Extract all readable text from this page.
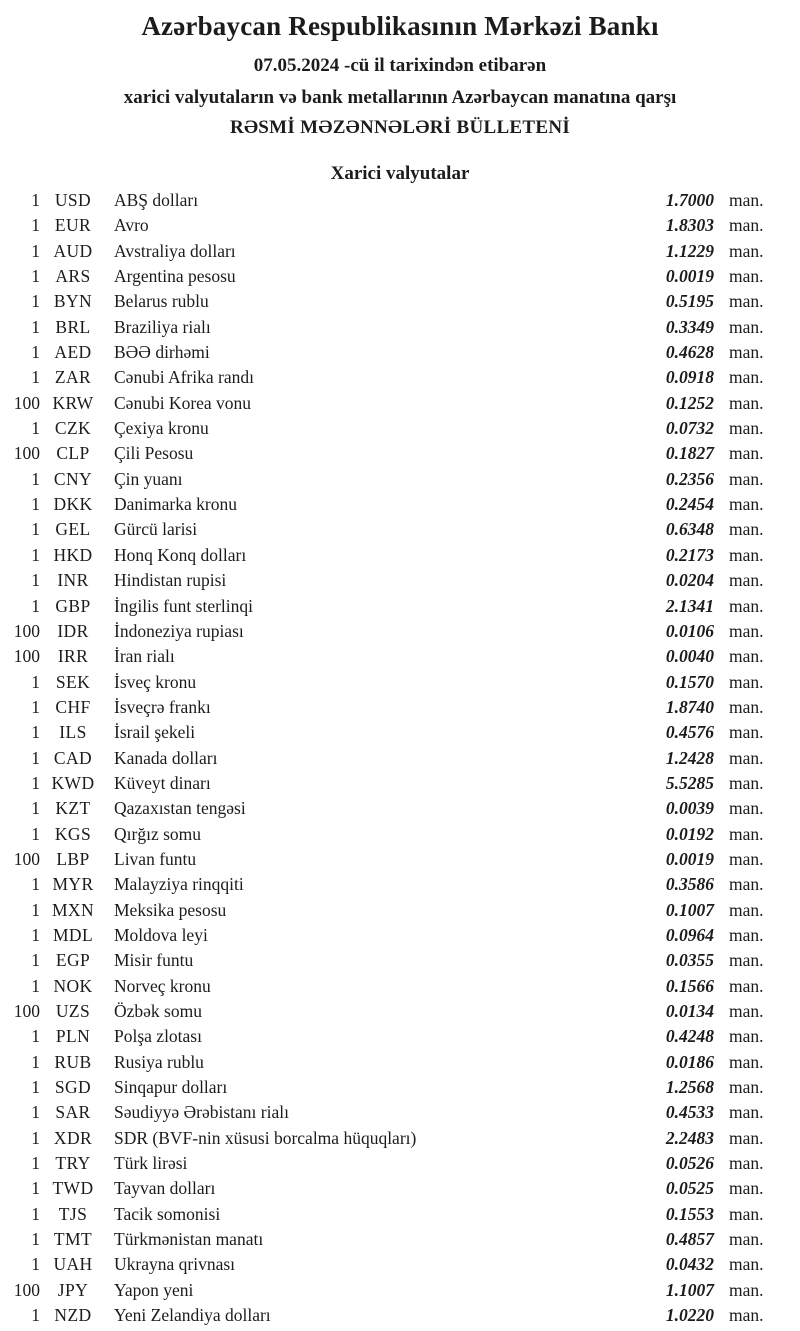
Azərbaycan Respublikasının Mərkəzi Bankı
07.05.2024 -cü il tarixindən etibarən
xarici valyutaların və bank metallarının Azərbaycan manatına qarşı
RƏSMİ MƏZƏNNƏLƏRİ BÜLLETENİ
Xarici valyutalar
1 USD	ABŞ dolları	1.7000 man.
1 EUR	Avro	1.8303 man.
1 AUD	Avstraliya dolları	1.1229 man.
1 ARS	Argentina pesosu	0.0019 man.
1 BYN	Belarus rublu	0.5195 man.
1 BRL	Braziliya rialı	0.3349 man.
1 AED	BƏƏ dirhəmi	0.4628 man.
1 ZAR	Cənubi Afrika randı	0.0918 man.
100 KRW	Cənubi Korea vonu	0.1252 man.
1 CZK	Çexiya kronu	0.0732 man.
100 CLP	Çili Pesosu	0.1827 man.
1 CNY	Çin yuanı	0.2356 man.
1 DKK	Danimarka kronu	0.2454 man.
1 GEL	Gürcü larisi	0.6348 man.
1 HKD	Honq Konq dolları	0.2173 man.
1 INR	Hindistan rupisi	0.0204 man.
1 GBP	İngilis funt sterlinqi	2.1341 man.
100 IDR	İndoneziya rupiası	0.0106 man.
100	IRR	İran rialı	0.0040 man.
1 SEK	İsveç kronu	0.1570 man.
1 CHF	İsveçrə frankı	1.8740 man.
1	ILS	İsrail şekeli	0.4576 man.
1 CAD	Kanada dolları	1.2428 man.
1 KWD	Küveyt dinarı	5.5285 man.
1 KZT	Qazaxıstan tengəsi	0.0039 man.
1 KGS	Qırğız somu	0.0192 man.
100 LBP	Livan funtu	0.0019 man.
1 MYR	Malayziya rinqqiti	0.3586 man.
1 MXN	Meksika pesosu	0.1007 man.
1 MDL	Moldova leyi	0.0964 man.
1 EGP	Misir funtu	0.0355 man.
1 NOK	Norveç kronu	0.1566 man.
100 UZS	Özbək somu	0.0134 man.
1 PLN	Polşa zlotası	0.4248 man.
1 RUB	Rusiya rublu	0.0186 man.
1 SGD	Sinqapur dolları	1.2568 man.
1 SAR	Səudiyyə Ərəbistanı rialı	0.4533 man.
1 XDR	SDR (BVF-nin xüsusi borcalma hüquqları)	2.2483 man.
1 TRY	Türk lirəsi	0.0526 man.
1 TWD	Tayvan dolları	0.0525 man.
1	TJS	Tacik somonisi	0.1553 man.
1 TMT	Türkmənistan manatı	0.4857 man.
1 UAH	Ukrayna qrivnası	0.0432 man.
100	JPY	Yapon yeni	1.1007 man.
1 NZD	Yeni Zelandiya dolları	1.0220 man.
